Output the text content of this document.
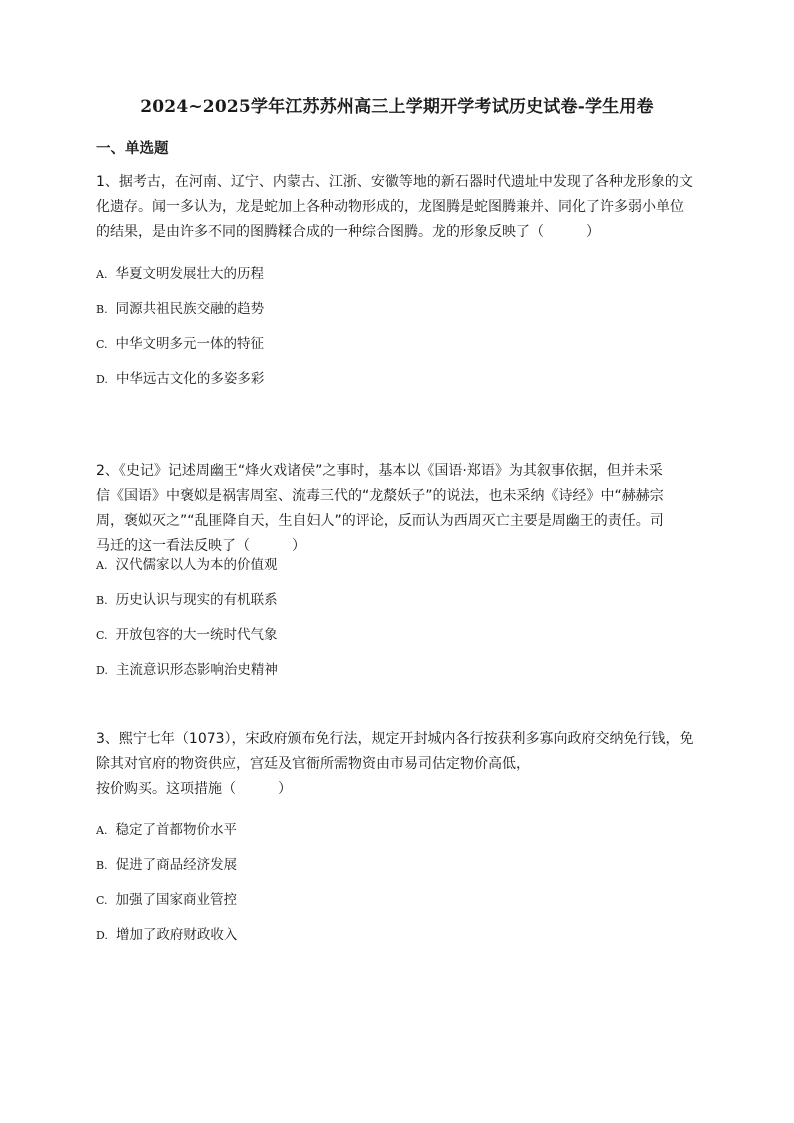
2024~2025学年江苏苏州高三上学期开学考试历史试卷-学生用卷
一、单选题
1、据考古，在河南、辽宁、内蒙古、江浙、安徽等地的新石器时代遗址中发现了各种龙形象的文
化遗存。闻一多认为，龙是蛇加上各种动物形成的，龙图腾是蛇图腾兼并、同化了许多弱小单位
的结果，是由许多不同的图腾糅合成的一种综合图腾。龙的形象反映了（　　　）
A. 华夏文明发展壮大的历程
B. 同源共祖民族交融的趋势
C. 中华文明多元一体的特征
D. 中华远古文化的多姿多彩
2、《史记》记述周幽王“烽火戏诸侯”之事时，基本以《国语·郑语》为其叙事依据，但并未采
信《国语》中褒姒是祸害周室、流毒三代的“龙漦妖子”的说法，也未采纳《诗经》中“赫赫宗
周，褒姒灭之”“乱匪降自天，生自妇人”的评论，反而认为西周灭亡主要是周幽王的责任。司
马迁的这一看法反映了（　　　）
A. 汉代儒家以人为本的价值观
B. 历史认识与现实的有机联系
C. 开放包容的大一统时代气象
D. 主流意识形态影响治史精神
3、熙宁七年（1073），宋政府颁布免行法，规定开封城内各行按获利多寡向政府交纳免行钱，免
除其对官府的物资供应，宫廷及官衙所需物资由市易司估定物价高低，
按价购买。这项措施（　　　）
A. 稳定了首都物价水平
B. 促进了商品经济发展
C. 加强了国家商业管控
D. 增加了政府财政收入
